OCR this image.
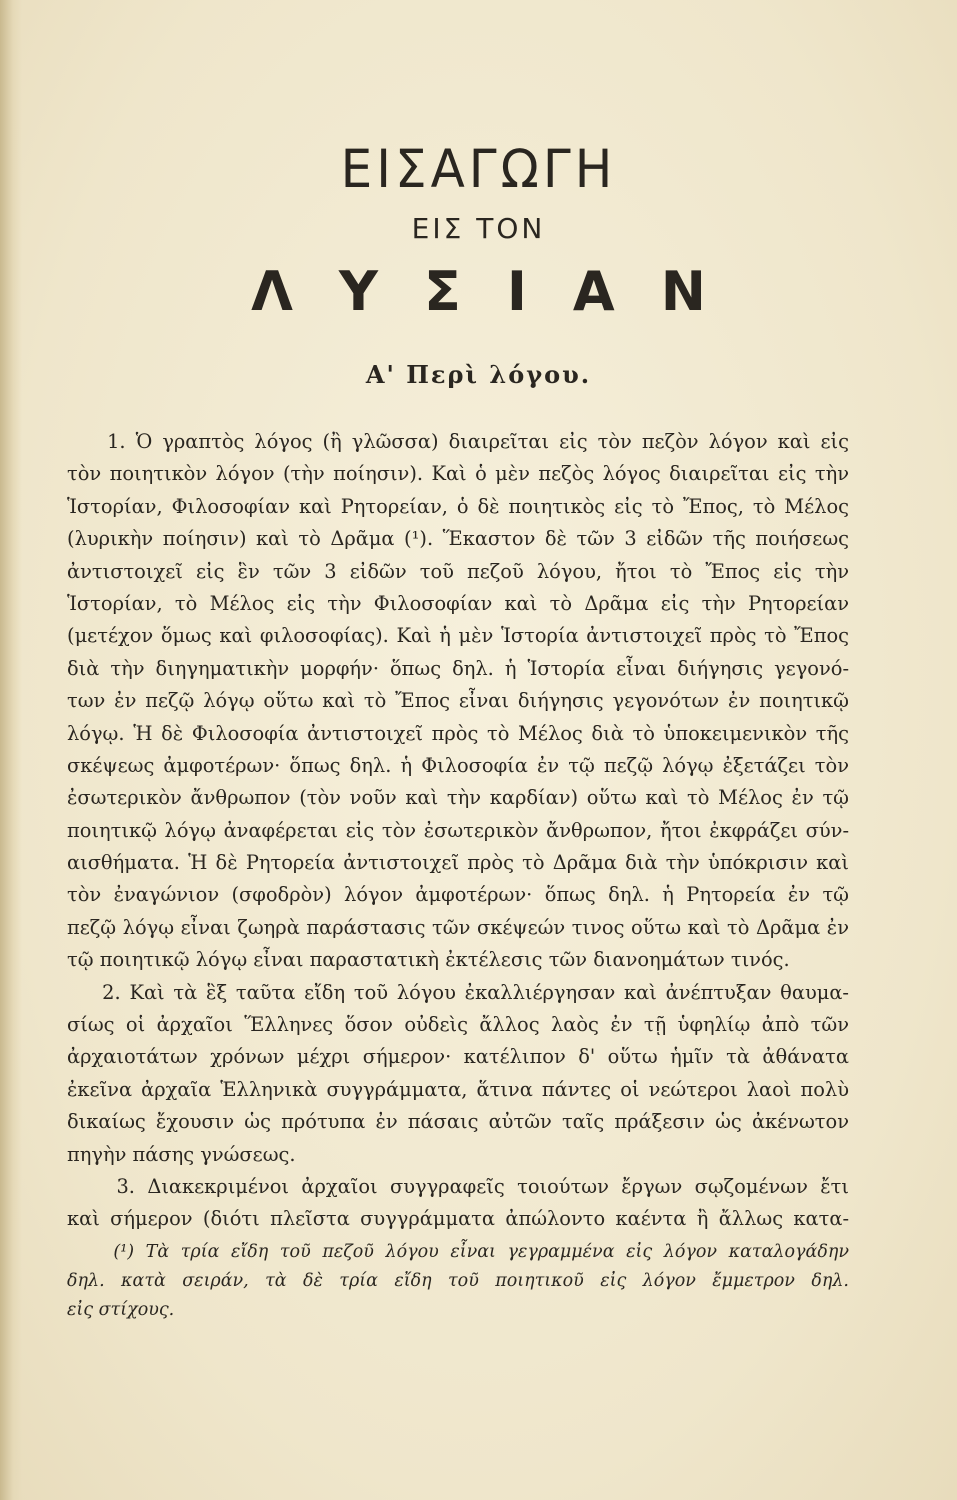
ΕΙΣΑΓΩΓΗ
ΕΙΣ ΤΟΝ
ΛΥΣΙΑΝ
Α' Περὶ λόγου.
1. Ὁ γραπτὸς λόγος (ἢ γλῶσσα) διαιρεῖται εἰς τὸν πεζὸν λόγον καὶ εἰς
τὸν ποιητικὸν λόγον (τὴν ποίησιν). Καὶ ὁ μὲν πεζὸς λόγος διαιρεῖται εἰς τὴν
Ἱστορίαν, Φιλοσοφίαν καὶ Ρητορείαν, ὁ δὲ ποιητικὸς εἰς τὸ Ἔπος, τὸ Μέλος
(λυρικὴν ποίησιν) καὶ τὸ Δρᾶμα (¹). Ἕκαστον δὲ τῶν 3 εἰδῶν τῆς ποιήσεως
ἀντιστοιχεῖ εἰς ἓν τῶν 3 εἰδῶν τοῦ πεζοῦ λόγου, ἤτοι τὸ Ἔπος εἰς τὴν
Ἱστορίαν, τὸ Μέλος εἰς τὴν Φιλοσοφίαν καὶ τὸ Δρᾶμα εἰς τὴν Ρητορείαν
(μετέχον ὅμως καὶ φιλοσοφίας). Καὶ ἡ μὲν Ἱστορία ἀντιστοιχεῖ πρὸς τὸ Ἔπος
διὰ τὴν διηγηματικὴν μορφήν· ὅπως δηλ. ἡ Ἱστορία εἶναι διήγησις γεγονό-
των ἐν πεζῷ λόγῳ οὕτω καὶ τὸ Ἔπος εἶναι διήγησις γεγονότων ἐν ποιητικῷ
λόγῳ. Ἡ δὲ Φιλοσοφία ἀντιστοιχεῖ πρὸς τὸ Μέλος διὰ τὸ ὑποκειμενικὸν τῆς
σκέψεως ἀμφοτέρων· ὅπως δηλ. ἡ Φιλοσοφία ἐν τῷ πεζῷ λόγῳ ἐξετάζει τὸν
ἐσωτερικὸν ἄνθρωπον (τὸν νοῦν καὶ τὴν καρδίαν) οὕτω καὶ τὸ Μέλος ἐν τῷ
ποιητικῷ λόγῳ ἀναφέρεται εἰς τὸν ἐσωτερικὸν ἄνθρωπον, ἤτοι ἐκφράζει σύν-
αισθήματα. Ἡ δὲ Ρητορεία ἀντιστοιχεῖ πρὸς τὸ Δρᾶμα διὰ τὴν ὑπόκρισιν καὶ
τὸν ἐναγώνιον (σφοδρὸν) λόγον ἀμφοτέρων· ὅπως δηλ. ἡ Ρητορεία ἐν τῷ
πεζῷ λόγῳ εἶναι ζωηρὰ παράστασις τῶν σκέψεών τινος οὕτω καὶ τὸ Δρᾶμα ἐν
τῷ ποιητικῷ λόγῳ εἶναι παραστατικὴ ἐκτέλεσις τῶν διανοημάτων τινός.
2. Καὶ τὰ ἓξ ταῦτα εἴδη τοῦ λόγου ἐκαλλιέργησαν καὶ ἀνέπτυξαν θαυμα-
σίως οἱ ἀρχαῖοι Ἕλληνες ὅσον οὐδεὶς ἄλλος λαὸς ἐν τῇ ὑφηλίῳ ἀπὸ τῶν
ἀρχαιοτάτων χρόνων μέχρι σήμερον· κατέλιπον δ' οὕτω ἡμῖν τὰ ἀθάνατα
ἐκεῖνα ἀρχαῖα Ἑλληνικὰ συγγράμματα, ἅτινα πάντες οἱ νεώτεροι λαοὶ πολὺ
δικαίως ἔχουσιν ὡς πρότυπα ἐν πάσαις αὐτῶν ταῖς πράξεσιν ὡς ἀκένωτον
πηγὴν πάσης γνώσεως.
3. Διακεκριμένοι ἀρχαῖοι συγγραφεῖς τοιούτων ἔργων σῳζομένων ἔτι
καὶ σήμερον (διότι πλεῖστα συγγράμματα ἀπώλοντο καέντα ἢ ἄλλως κατα-
(¹) Τὰ τρία εἴδη τοῦ πεζοῦ λόγου εἶναι γεγραμμένα εἰς λόγον καταλογάδην
δηλ. κατὰ σειράν, τὰ δὲ τρία εἴδη τοῦ ποιητικοῦ εἰς λόγον ἔμμετρον δηλ.
εἰς στίχους.
